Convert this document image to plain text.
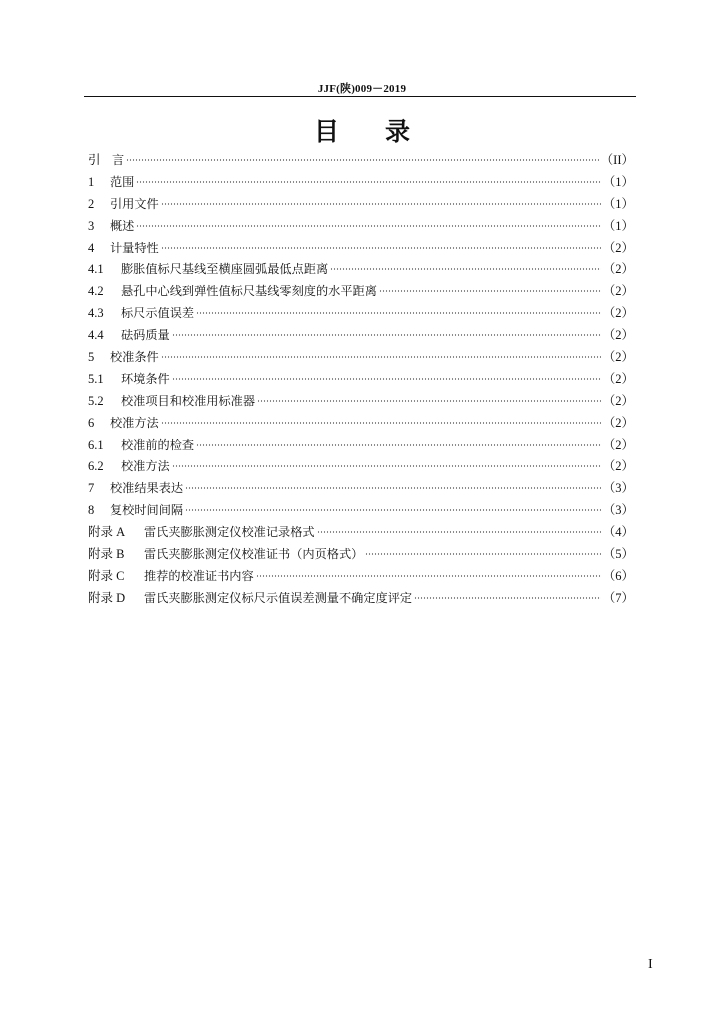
JJF(陕)009－2019
目录
引 言	（II）
1	范围	（1）
2	引用文件	（1）
3	概述	（1）
4	计量特性	（2）
4.1	膨胀值标尺基线至横座圆弧最低点距离	（2）
4.2	悬孔中心线到弹性值标尺基线零刻度的水平距离	（2）
4.3	标尺示值误差	（2）
4.4	砝码质量	（2）
5	校准条件	（2）
5.1	环境条件	（2）
5.2	校准项目和校准用标准器	（2）
6	校准方法	（2）
6.1	校准前的检查	（2）
6.2	校准方法	（2）
7	校准结果表达	（3）
8	复校时间间隔	（3）
附录 A	雷氏夹膨胀测定仪校准记录格式	（4）
附录 B	雷氏夹膨胀测定仪校准证书（内页格式）	（5）
附录 C	推荐的校准证书内容	（6）
附录 D	雷氏夹膨胀测定仪标尺示值误差测量不确定度评定	（7）
I
